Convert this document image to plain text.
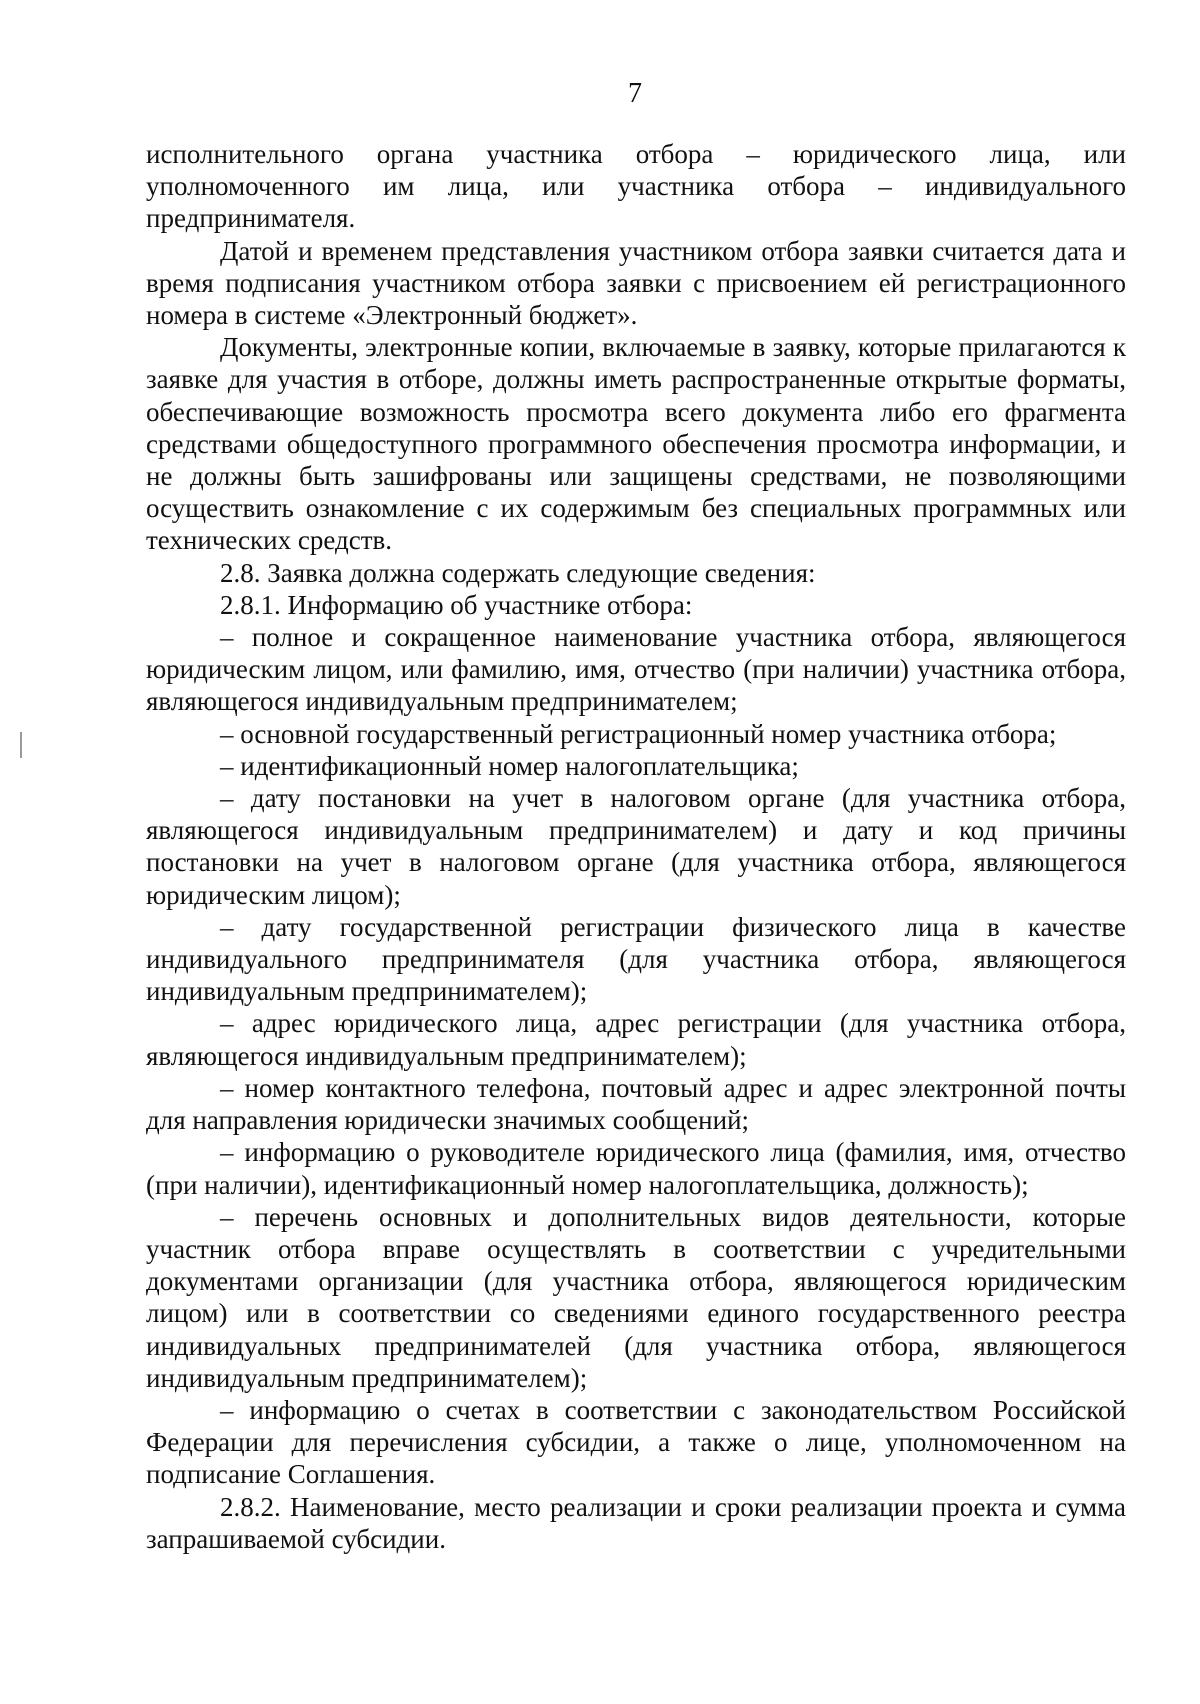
7

исполнительного органа участника отбора – юридического лица, или уполномоченного им лица, или участника отбора – индивидуального предпринимателя.

Датой и временем представления участником отбора заявки считается дата и время подписания участником отбора заявки с присвоением ей регистрационного номера в системе «Электронный бюджет».

Документы, электронные копии, включаемые в заявку, которые прилагаются к заявке для участия в отборе, должны иметь распространенные открытые форматы, обеспечивающие возможность просмотра всего документа либо его фрагмента средствами общедоступного программного обеспечения просмотра информации, и не должны быть зашифрованы или защищены средствами, не позволяющими осуществить ознакомление с их содержимым без специальных программных или технических средств.

2.8. Заявка должна содержать следующие сведения:

2.8.1. Информацию об участнике отбора:

– полное и сокращенное наименование участника отбора, являющегося юридическим лицом, или фамилию, имя, отчество (при наличии) участника отбора, являющегося индивидуальным предпринимателем;

– основной государственный регистрационный номер участника отбора;

– идентификационный номер налогоплательщика;

– дату постановки на учет в налоговом органе (для участника отбора, являющегося индивидуальным предпринимателем) и дату и код причины постановки на учет в налоговом органе (для участника отбора, являющегося юридическим лицом);

– дату государственной регистрации физического лица в качестве индивидуального предпринимателя (для участника отбора, являющегося индивидуальным предпринимателем);

– адрес юридического лица, адрес регистрации (для участника отбора, являющегося индивидуальным предпринимателем);

– номер контактного телефона, почтовый адрес и адрес электронной почты для направления юридически значимых сообщений;

– информацию о руководителе юридического лица (фамилия, имя, отчество (при наличии), идентификационный номер налогоплательщика, должность);

– перечень основных и дополнительных видов деятельности, которые участник отбора вправе осуществлять в соответствии с учредительными документами организации (для участника отбора, являющегося юридическим лицом) или в соответствии со сведениями единого государственного реестра индивидуальных предпринимателей (для участника отбора, являющегося индивидуальным предпринимателем);

– информацию о счетах в соответствии с законодательством Российской Федерации для перечисления субсидии, а также о лице, уполномоченном на подписание Соглашения.

2.8.2. Наименование, место реализации и сроки реализации проекта и сумма запрашиваемой субсидии.
